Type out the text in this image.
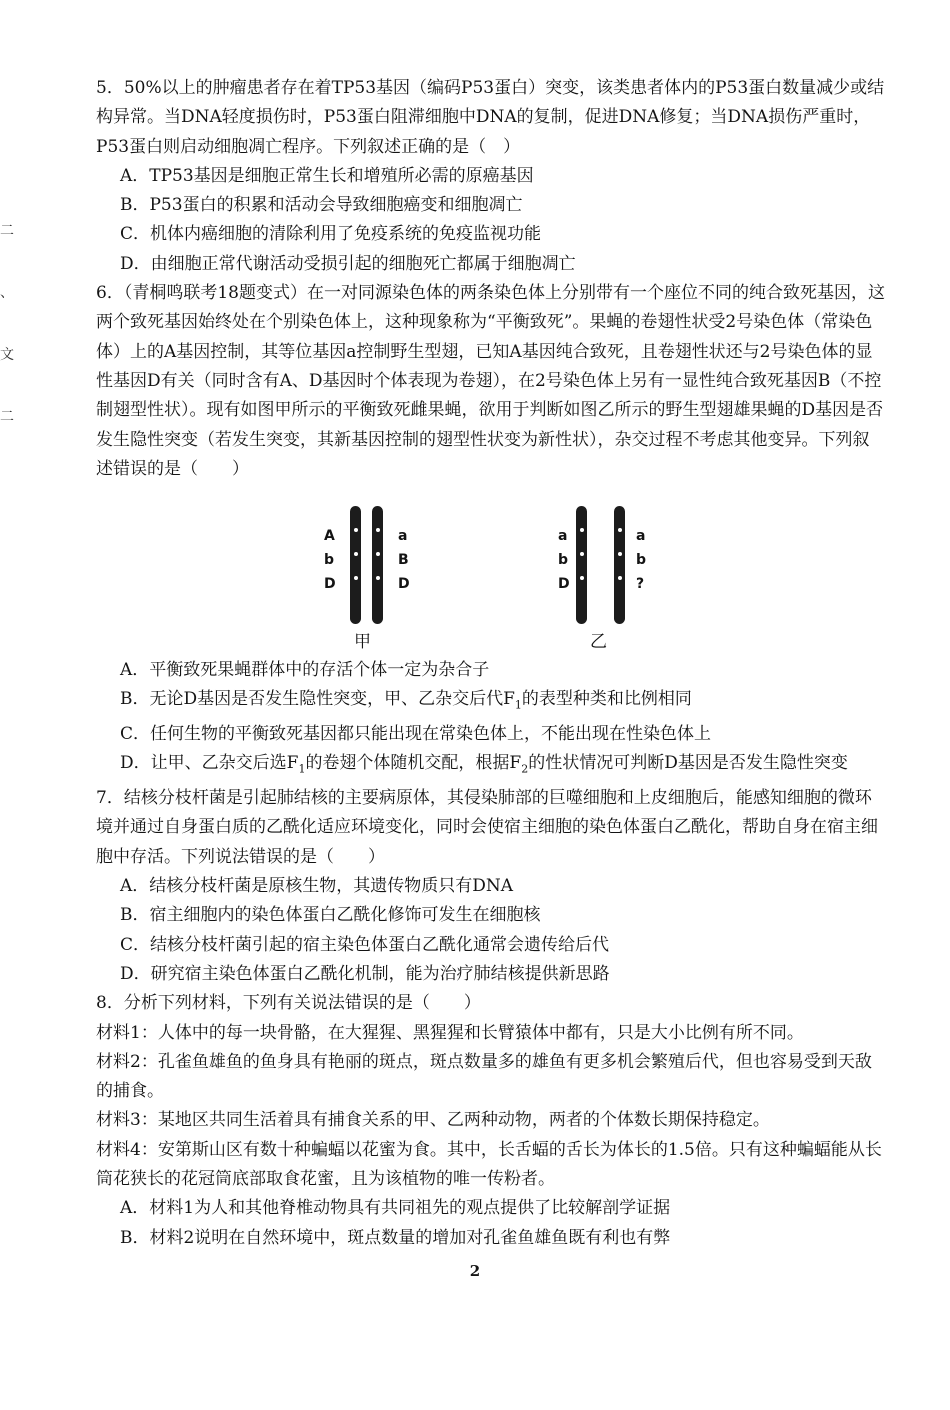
二
、
文
二

5．50%以上的肿瘤患者存在着TP53基因（编码P53蛋白）突变，该类患者体内的P53蛋白数量减少或结构异常。当DNA轻度损伤时，P53蛋白阻滞细胞中DNA的复制，促进DNA修复；当DNA损伤严重时，P53蛋白则启动细胞凋亡程序。下列叙述正确的是（　）

A．TP53基因是细胞正常生长和增殖所必需的原癌基因

B．P53蛋白的积累和活动会导致细胞癌变和细胞凋亡

C．机体内癌细胞的清除利用了免疫系统的免疫监视功能

D．由细胞正常代谢活动受损引起的细胞死亡都属于细胞凋亡

6．（青桐鸣联考18题变式）在一对同源染色体的两条染色体上分别带有一个座位不同的纯合致死基因，这两个致死基因始终处在个别染色体上，这种现象称为“平衡致死”。果蝇的卷翅性状受2号染色体（常染色体）上的A基因控制，其等位基因a控制野生型翅，已知A基因纯合致死，且卷翅性状还与2号染色体的显性基因D有关（同时含有A、D基因时个体表现为卷翅），在2号染色体上另有一显性纯合致死基因B（不控制翅型性状）。现有如图甲所示的平衡致死雌果蝇，欲用于判断如图乙所示的野生型翅雄果蝇的D基因是否发生隐性突变（若发生突变，其新基因控制的翅型性状变为新性状），杂交过程不考虑其他变异。下列叙述错误的是（　　）

A
b
D
a
B
D
甲
a
b
D
a
b
?
乙

A．平衡致死果蝇群体中的存活个体一定为杂合子

B．无论D基因是否发生隐性突变，甲、乙杂交后代$F_1$的表型种类和比例相同

C．任何生物的平衡致死基因都只能出现在常染色体上，不能出现在性染色体上

D．让甲、乙杂交后选$F_1$的卷翅个体随机交配，根据$F_2$的性状情况可判断D基因是否发生隐性突变

7．结核分枝杆菌是引起肺结核的主要病原体，其侵染肺部的巨噬细胞和上皮细胞后，能感知细胞的微环境并通过自身蛋白质的乙酰化适应环境变化，同时会使宿主细胞的染色体蛋白乙酰化，帮助自身在宿主细胞中存活。下列说法错误的是（　　）

A．结核分枝杆菌是原核生物，其遗传物质只有DNA

B．宿主细胞内的染色体蛋白乙酰化修饰可发生在细胞核

C．结核分枝杆菌引起的宿主染色体蛋白乙酰化通常会遗传给后代

D．研究宿主染色体蛋白乙酰化机制，能为治疗肺结核提供新思路

8．分析下列材料，下列有关说法错误的是（　　）

材料1：人体中的每一块骨骼，在大猩猩、黑猩猩和长臂猿体中都有，只是大小比例有所不同。

材料2：孔雀鱼雄鱼的鱼身具有艳丽的斑点，斑点数量多的雄鱼有更多机会繁殖后代，但也容易受到天敌的捕食。

材料3：某地区共同生活着具有捕食关系的甲、乙两种动物，两者的个体数长期保持稳定。

材料4：安第斯山区有数十种蝙蝠以花蜜为食。其中，长舌蝠的舌长为体长的1.5倍。只有这种蝙蝠能从长筒花狭长的花冠筒底部取食花蜜，且为该植物的唯一传粉者。

A．材料1为人和其他脊椎动物具有共同祖先的观点提供了比较解剖学证据

B．材料2说明在自然环境中，斑点数量的增加对孔雀鱼雄鱼既有利也有弊

2
